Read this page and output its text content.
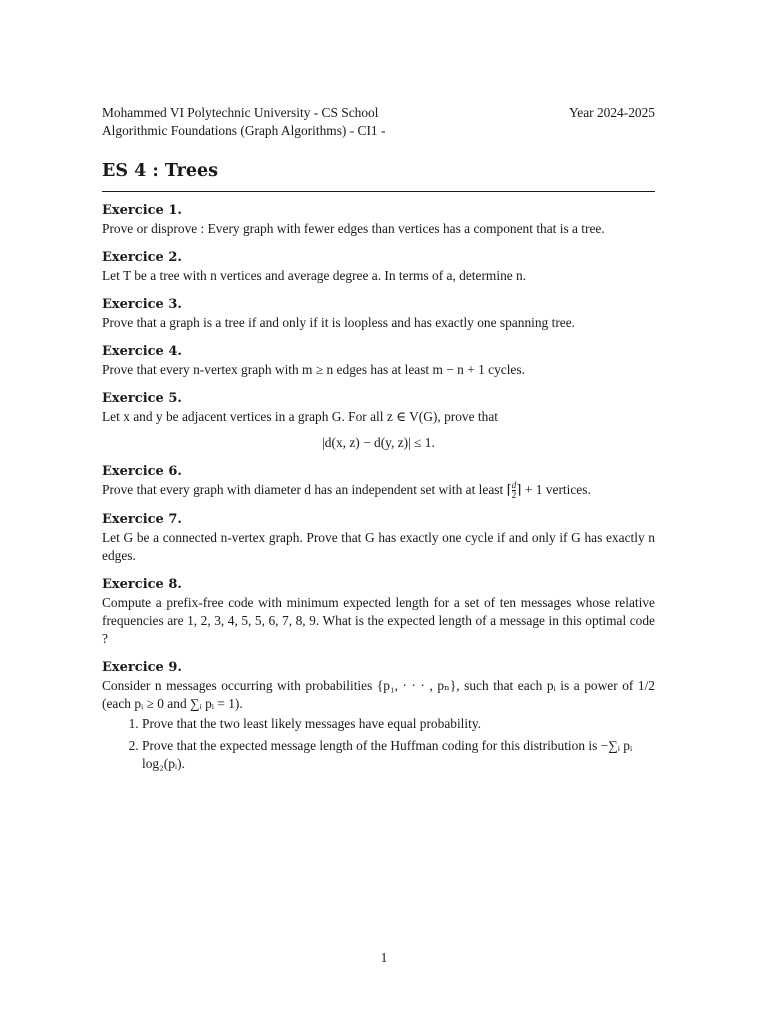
Mohammed VI Polytechnic University - CS School	Year 2024-2025
Algorithmic Foundations (Graph Algorithms) - CI1 -
ES 4 : Trees
Exercice 1.
Prove or disprove : Every graph with fewer edges than vertices has a component that is a tree.
Exercice 2.
Let T be a tree with n vertices and average degree a. In terms of a, determine n.
Exercice 3.
Prove that a graph is a tree if and only if it is loopless and has exactly one spanning tree.
Exercice 4.
Prove that every n-vertex graph with m ≥ n edges has at least m − n + 1 cycles.
Exercice 5.
Let x and y be adjacent vertices in a graph G. For all z ∈ V(G), prove that
|d(x, z) − d(y, z)| ≤ 1.
Exercice 6.
Prove that every graph with diameter d has an independent set with at least ⌈ $\frac{d}{2}$ ⌉ + 1 vertices.
Exercice 7.
Let G be a connected n-vertex graph. Prove that G has exactly one cycle if and only if G has exactly n edges.
Exercice 8.
Compute a prefix-free code with minimum expected length for a set of ten messages whose relative frequencies are 1, 2, 3, 4, 5, 5, 6, 7, 8, 9. What is the expected length of a message in this optimal code ?
Exercice 9.
Consider n messages occurring with probabilities {p₁, · · · , pₙ}, such that each pᵢ is a power of 1/2 (each pᵢ ≥ 0 and ∑ᵢ pᵢ = 1).
1. Prove that the two least likely messages have equal probability.
2. Prove that the expected message length of the Huffman coding for this distribution is −∑ᵢ pᵢ log₂(pᵢ).
1
